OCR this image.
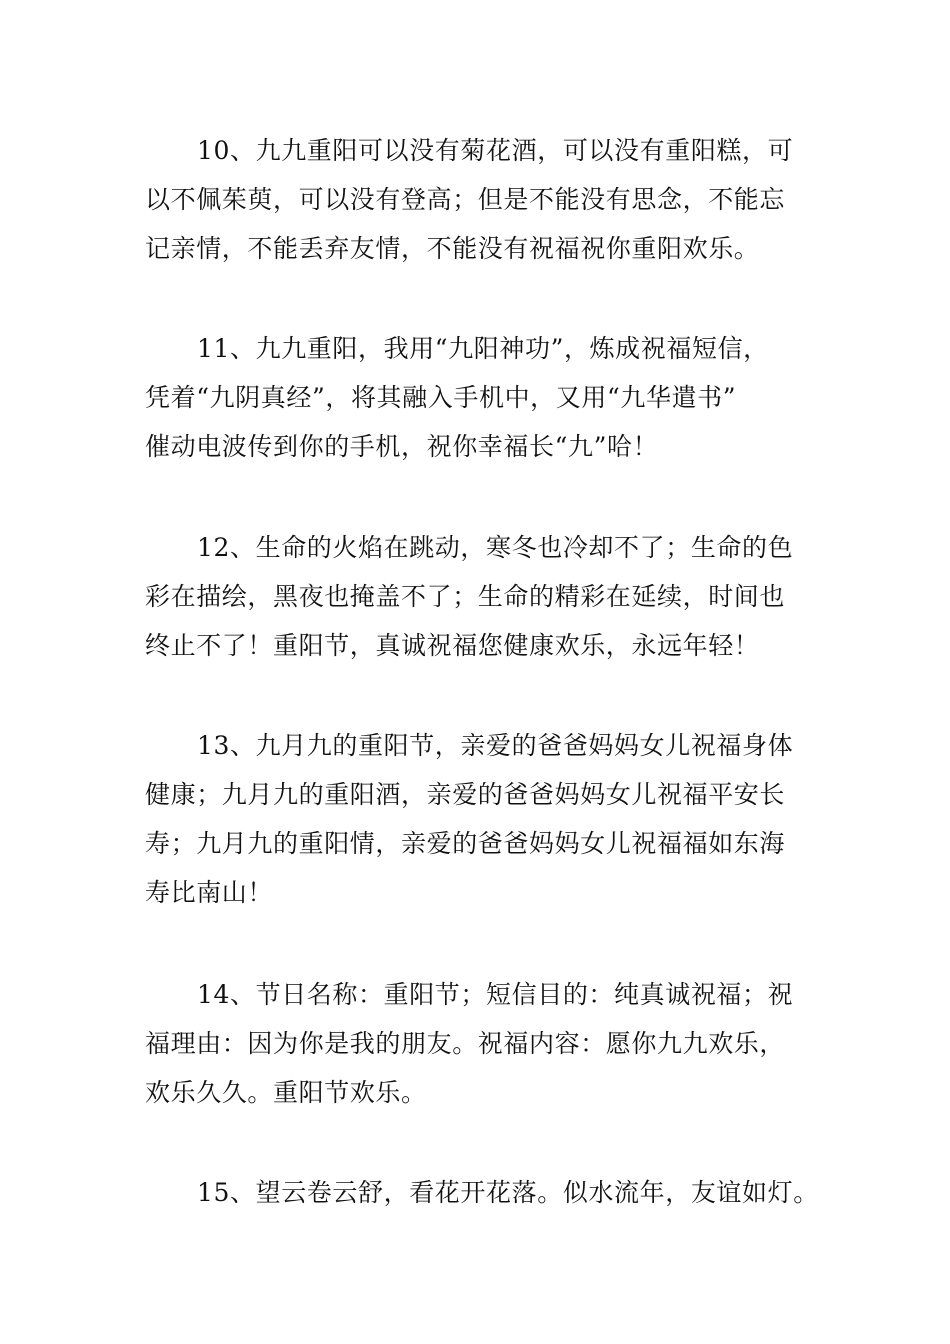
10、九九重阳可以没有菊花酒，可以没有重阳糕，可
以不佩茱萸，可以没有登高；但是不能没有思念，不能忘
记亲情，不能丢弃友情，不能没有祝福祝你重阳欢乐。
11、九九重阳，我用“九阳神功”，炼成祝福短信，
凭着“九阴真经”，将其融入手机中，又用“九华遣书”
催动电波传到你的手机，祝你幸福长“九”哈！
12、生命的火焰在跳动，寒冬也冷却不了；生命的色
彩在描绘，黑夜也掩盖不了；生命的精彩在延续，时间也
终止不了！重阳节，真诚祝福您健康欢乐，永远年轻！
13、九月九的重阳节，亲爱的爸爸妈妈女儿祝福身体
健康；九月九的重阳酒，亲爱的爸爸妈妈女儿祝福平安长
寿；九月九的重阳情，亲爱的爸爸妈妈女儿祝福福如东海
寿比南山！
14、节日名称：重阳节；短信目的：纯真诚祝福；祝
福理由：因为你是我的朋友。祝福内容：愿你九九欢乐，
欢乐久久。重阳节欢乐。
15、望云卷云舒，看花开花落。似水流年，友谊如灯。
